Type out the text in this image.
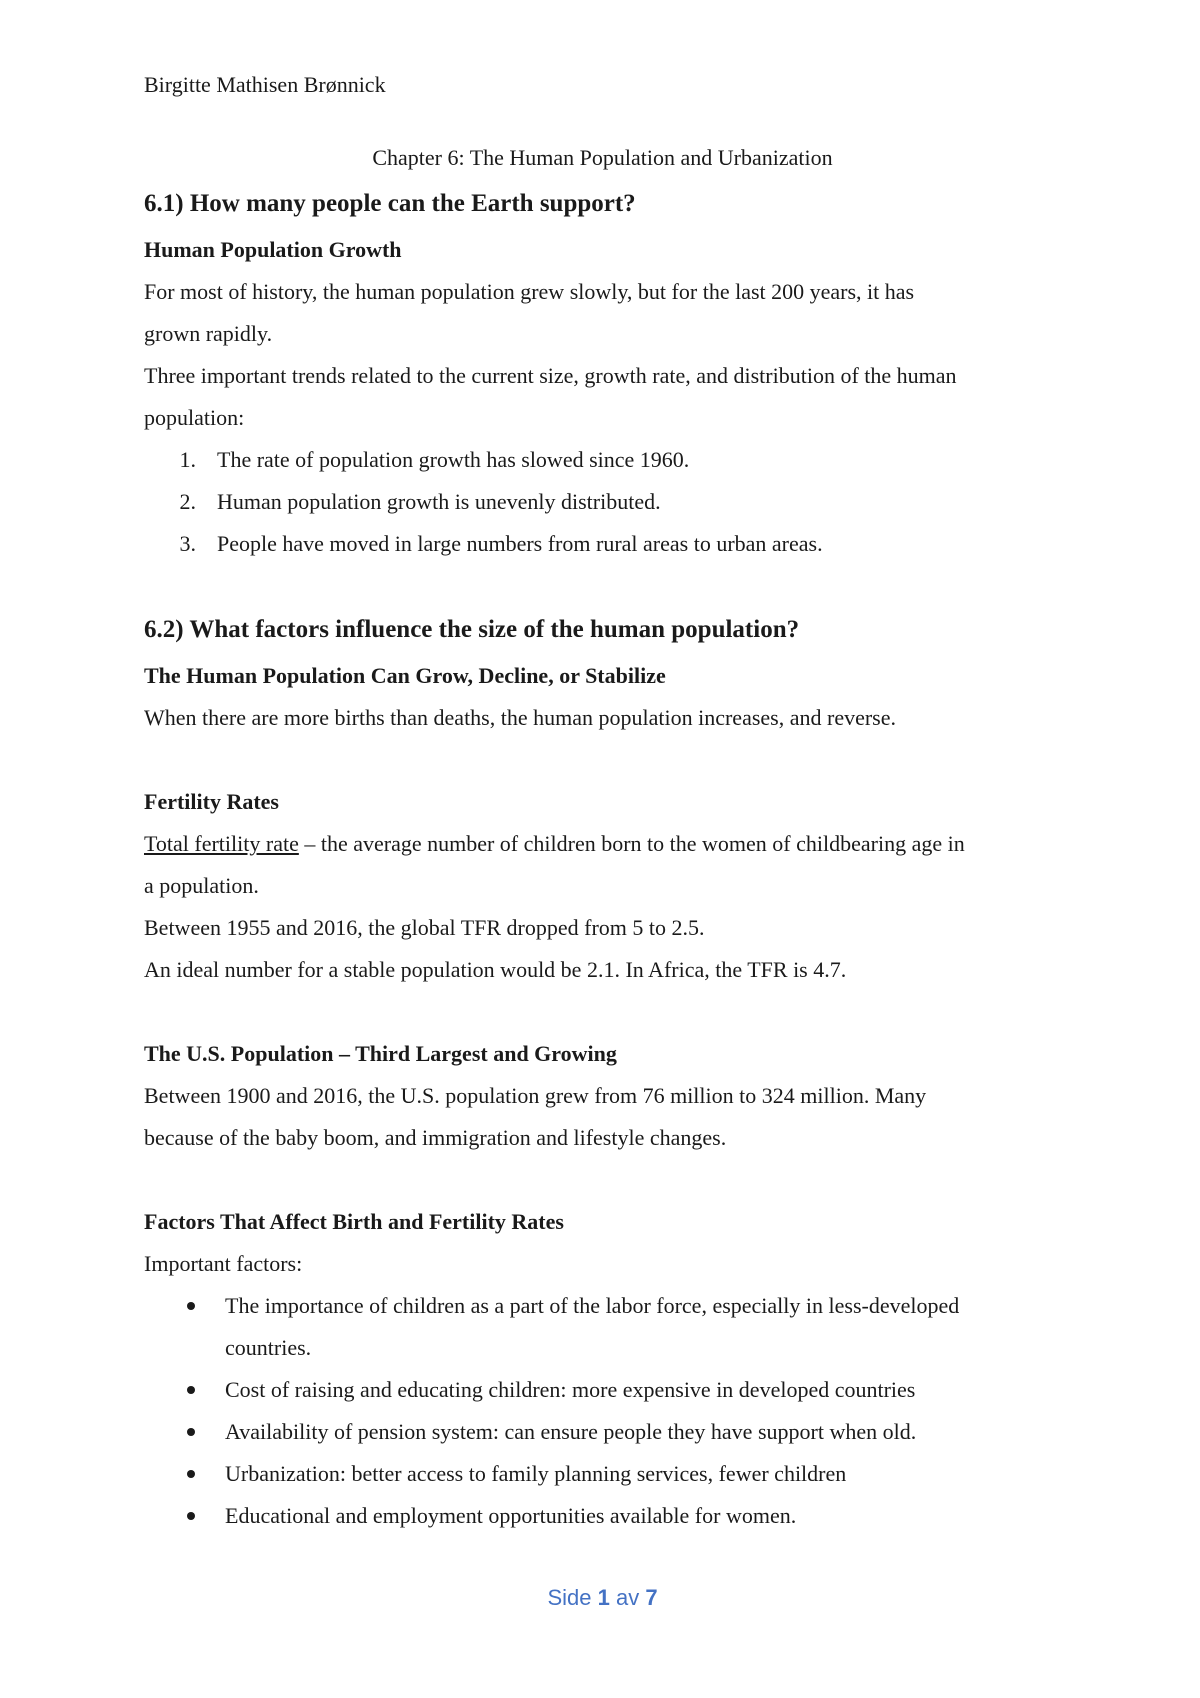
Birgitte Mathisen Brønnick
Chapter 6: The Human Population and Urbanization
6.1) How many people can the Earth support?
Human Population Growth
For most of history, the human population grew slowly, but for the last 200 years, it has
grown rapidly.
Three important trends related to the current size, growth rate, and distribution of the human
population:
1. The rate of population growth has slowed since 1960.
2. Human population growth is unevenly distributed.
3. People have moved in large numbers from rural areas to urban areas.
6.2) What factors influence the size of the human population?
The Human Population Can Grow, Decline, or Stabilize
When there are more births than deaths, the human population increases, and reverse.
Fertility Rates
Total fertility rate – the average number of children born to the women of childbearing age in
a population.
Between 1955 and 2016, the global TFR dropped from 5 to 2.5.
An ideal number for a stable population would be 2.1. In Africa, the TFR is 4.7.
The U.S. Population – Third Largest and Growing
Between 1900 and 2016, the U.S. population grew from 76 million to 324 million. Many
because of the baby boom, and immigration and lifestyle changes.
Factors That Affect Birth and Fertility Rates
Important factors:
The importance of children as a part of the labor force, especially in less-developed
countries.
Cost of raising and educating children: more expensive in developed countries
Availability of pension system: can ensure people they have support when old.
Urbanization: better access to family planning services, fewer children
Educational and employment opportunities available for women.
Side 1 av 7
